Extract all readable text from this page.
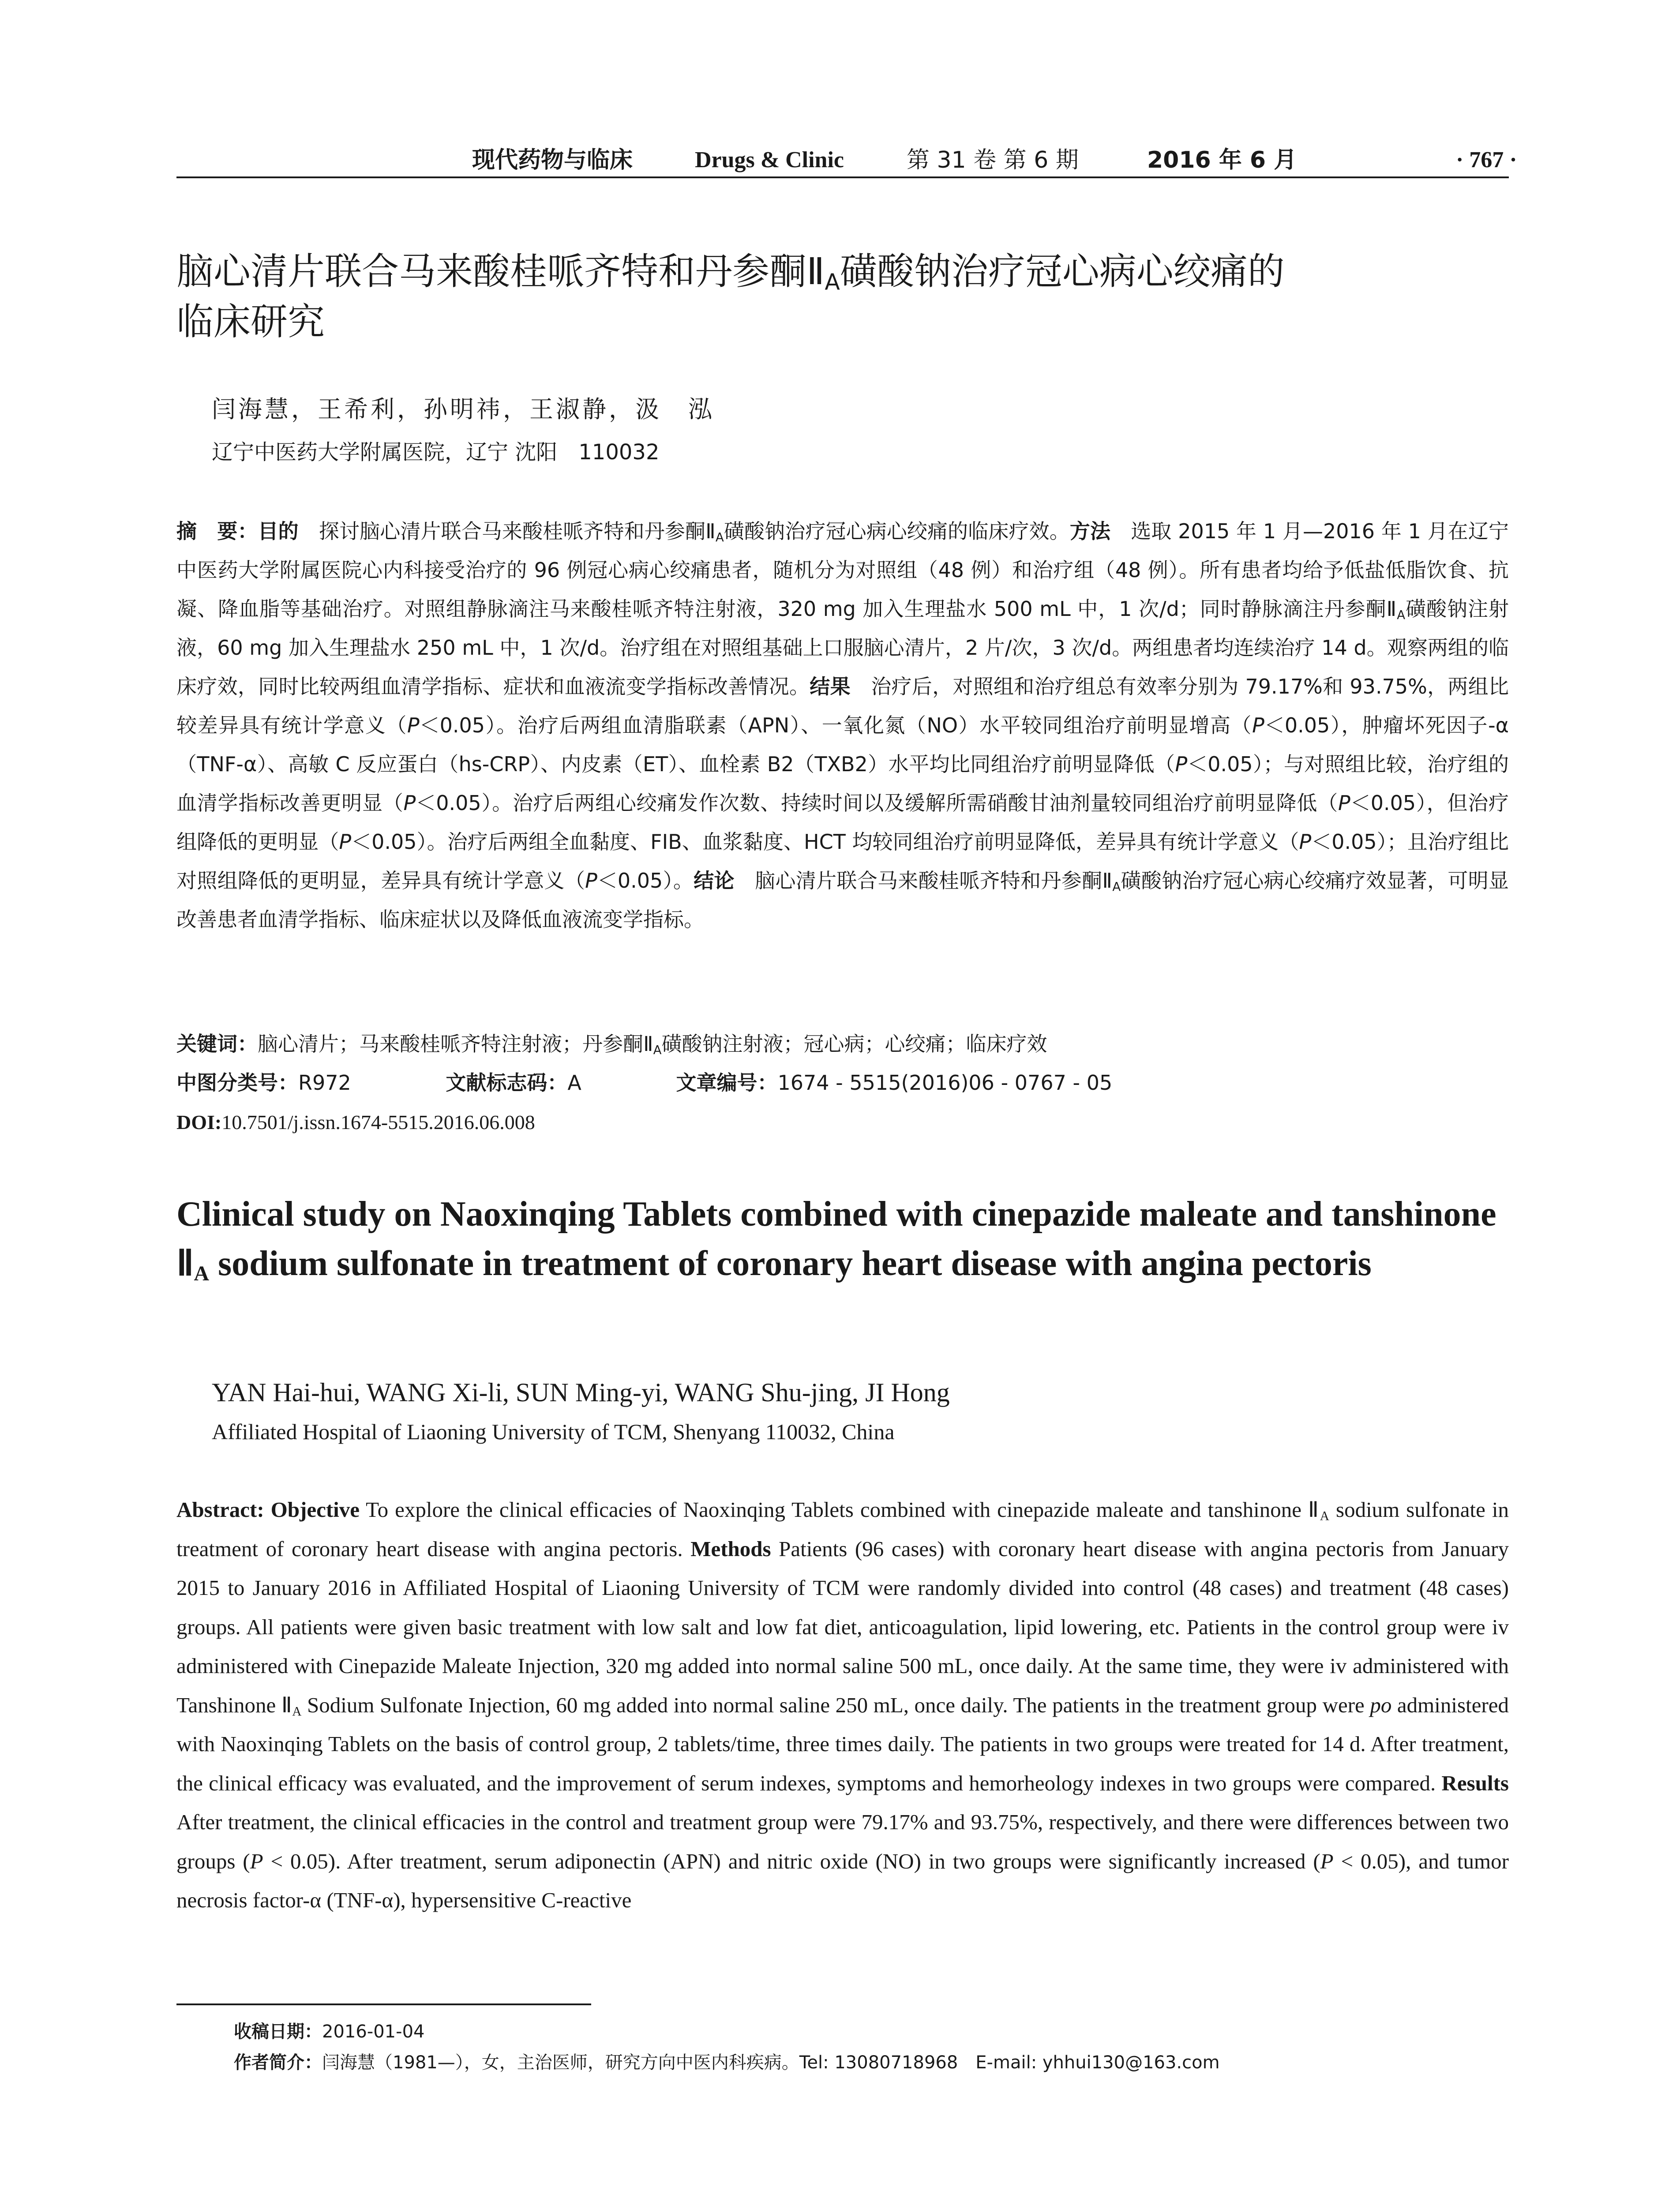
现代药物与临床	Drugs & Clinic	第 31 卷 第 6 期	2016 年 6 月	· 767 ·
脑心清片联合马来酸桂哌齐特和丹参酮$Ⅱ_A$磺酸钠治疗冠心病心绞痛的
临床研究
闫海慧，王希利，孙明祎，王淑静，汲　泓
辽宁中医药大学附属医院，辽宁 沈阳　110032
摘　要：目的　探讨脑心清片联合马来酸桂哌齐特和丹参酮$Ⅱ_A$磺酸钠治疗冠心病心绞痛的临床疗效。方法　选取 2015 年 1 月—2016 年 1 月在辽宁中医药大学附属医院心内科接受治疗的 96 例冠心病心绞痛患者，随机分为对照组（48 例）和治疗组（48 例）。所有患者均给予低盐低脂饮食、抗凝、降血脂等基础治疗。对照组静脉滴注马来酸桂哌齐特注射液，320 mg 加入生理盐水 500 mL 中，1 次/d；同时静脉滴注丹参酮$Ⅱ_A$磺酸钠注射液，60 mg 加入生理盐水 250 mL 中，1 次/d。治疗组在对照组基础上口服脑心清片，2 片/次，3 次/d。两组患者均连续治疗 14 d。观察两组的临床疗效，同时比较两组血清学指标、症状和血液流变学指标改善情况。结果　治疗后，对照组和治疗组总有效率分别为 79.17%和 93.75%，两组比较差异具有统计学意义（P＜0.05）。治疗后两组血清脂联素（APN）、一氧化氮（NO）水平较同组治疗前明显增高（P＜0.05），肿瘤坏死因子-α（TNF-α）、高敏 C 反应蛋白（hs-CRP）、内皮素（ET）、血栓素 B2（TXB2）水平均比同组治疗前明显降低（P＜0.05）；与对照组比较，治疗组的血清学指标改善更明显（P＜0.05）。治疗后两组心绞痛发作次数、持续时间以及缓解所需硝酸甘油剂量较同组治疗前明显降低（P＜0.05），但治疗组降低的更明显（P＜0.05）。治疗后两组全血黏度、FIB、血浆黏度、HCT 均较同组治疗前明显降低，差异具有统计学意义（P＜0.05）；且治疗组比对照组降低的更明显，差异具有统计学意义（P＜0.05）。结论　脑心清片联合马来酸桂哌齐特和丹参酮$Ⅱ_A$磺酸钠治疗冠心病心绞痛疗效显著，可明显改善患者血清学指标、临床症状以及降低血液流变学指标。
关键词：脑心清片；马来酸桂哌齐特注射液；丹参酮$Ⅱ_A$磺酸钠注射液；冠心病；心绞痛；临床疗效
中图分类号：R972	文献标志码：A	文章编号：1674 - 5515(2016)06 - 0767 - 05
DOI:10.7501/j.issn.1674-5515.2016.06.008
Clinical study on Naoxinqing Tablets combined with cinepazide maleate and tanshinone $Ⅱ_A$ sodium sulfonate in treatment of coronary heart disease with angina pectoris
YAN Hai-hui, WANG Xi-li, SUN Ming-yi, WANG Shu-jing, JI Hong
Affiliated Hospital of Liaoning University of TCM, Shenyang 110032, China
Abstract: Objective To explore the clinical efficacies of Naoxinqing Tablets combined with cinepazide maleate and tanshinone $Ⅱ_A$ sodium sulfonate in treatment of coronary heart disease with angina pectoris. Methods Patients (96 cases) with coronary heart disease with angina pectoris from January 2015 to January 2016 in Affiliated Hospital of Liaoning University of TCM were randomly divided into control (48 cases) and treatment (48 cases) groups. All patients were given basic treatment with low salt and low fat diet, anticoagulation, lipid lowering, etc. Patients in the control group were iv administered with Cinepazide Maleate Injection, 320 mg added into normal saline 500 mL, once daily. At the same time, they were iv administered with Tanshinone $Ⅱ_A$ Sodium Sulfonate Injection, 60 mg added into normal saline 250 mL, once daily. The patients in the treatment group were po administered with Naoxinqing Tablets on the basis of control group, 2 tablets/time, three times daily. The patients in two groups were treated for 14 d. After treatment, the clinical efficacy was evaluated, and the improvement of serum indexes, symptoms and hemorheology indexes in two groups were compared. Results After treatment, the clinical efficacies in the control and treatment group were 79.17% and 93.75%, respectively, and there were differences between two groups (P < 0.05). After treatment, serum adiponectin (APN) and nitric oxide (NO) in two groups were significantly increased (P < 0.05), and tumor necrosis factor-α (TNF-α), hypersensitive C-reactive
收稿日期：2016-01-04
作者简介：闫海慧（1981—），女，主治医师，研究方向中医内科疾病。Tel: 13080718968　E-mail: yhhui130@163.com
